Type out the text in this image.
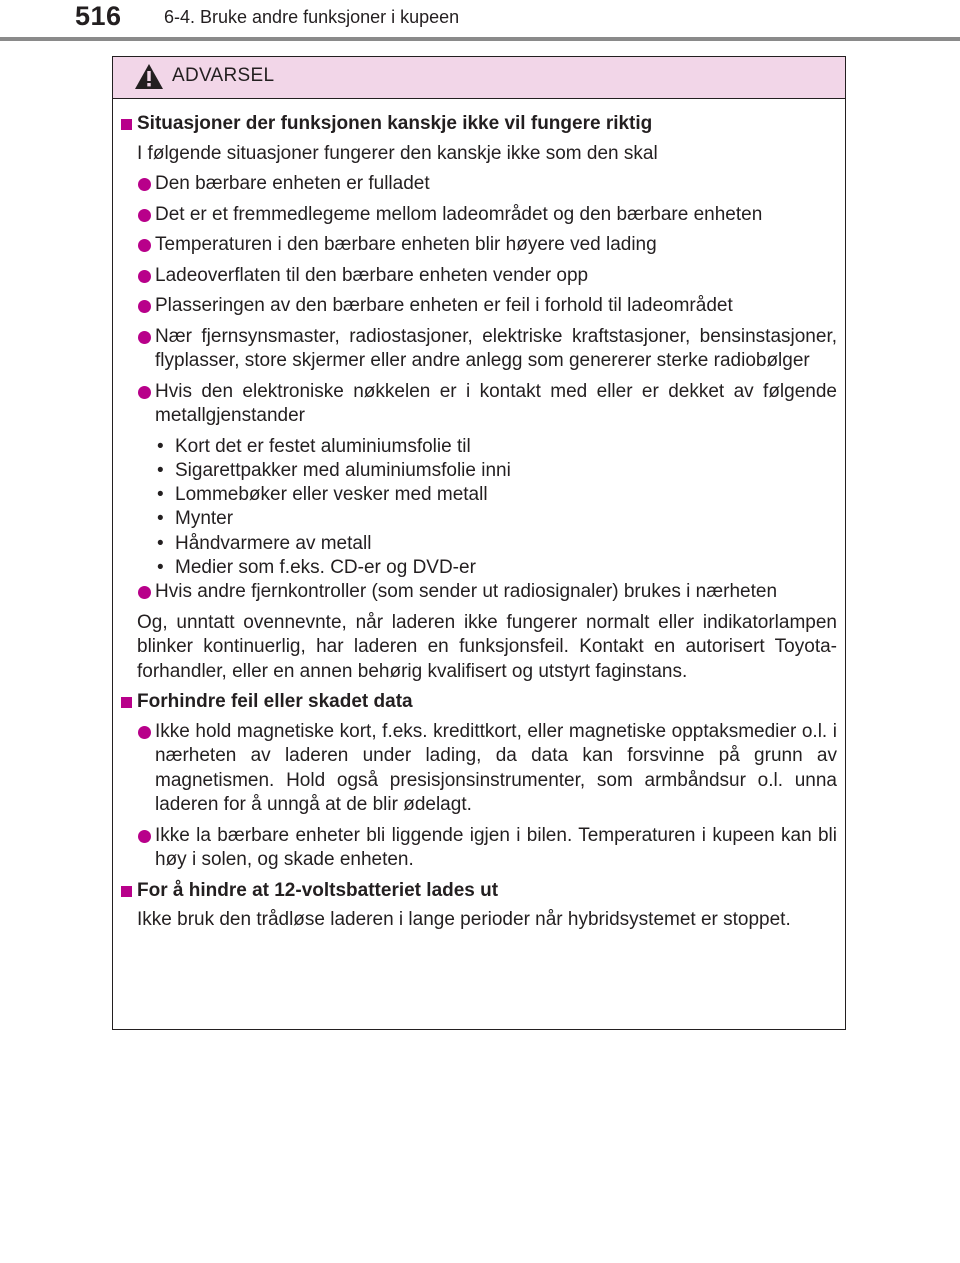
516 6-4. Bruke andre funksjoner i kupeen
ADVARSEL
Situasjoner der funksjonen kanskje ikke vil fungere riktig
I følgende situasjoner fungerer den kanskje ikke som den skal
Den bærbare enheten er fulladet
Det er et fremmedlegeme mellom ladeområdet og den bærbare enheten
Temperaturen i den bærbare enheten blir høyere ved lading
Ladeoverflaten til den bærbare enheten vender opp
Plasseringen av den bærbare enheten er feil i forhold til ladeområdet
Nær fjernsynsmaster, radiostasjoner, elektriske kraftstasjoner, bensinstasjoner, flyplasser, store skjermer eller andre anlegg som genererer sterke radiobølger
Hvis den elektroniske nøkkelen er i kontakt med eller er dekket av følgende metallgjenstander
• Kort det er festet aluminiumsfolie til
• Sigarettpakker med aluminiumsfolie inni
• Lommebøker eller vesker med metall
• Mynter
• Håndvarmere av metall
• Medier som f.eks. CD-er og DVD-er
Hvis andre fjernkontroller (som sender ut radiosignaler) brukes i nærheten
Og, unntatt ovennevnte, når laderen ikke fungerer normalt eller indikatorlampen blinker kontinuerlig, har laderen en funksjonsfeil. Kontakt en autorisert Toyota-forhandler, eller en annen behørig kvalifisert og utstyrt faginstans.
Forhindre feil eller skadet data
Ikke hold magnetiske kort, f.eks. kredittkort, eller magnetiske opptaksmedier o.l. i nærheten av laderen under lading, da data kan forsvinne på grunn av magnetismen. Hold også presisjonsinstrumenter, som armbåndsur o.l. unna laderen for å unngå at de blir ødelagt.
Ikke la bærbare enheter bli liggende igjen i bilen. Temperaturen i kupeen kan bli høy i solen, og skade enheten.
For å hindre at 12-voltsbatteriet lades ut
Ikke bruk den trådløse laderen i lange perioder når hybridsystemet er stoppet.
